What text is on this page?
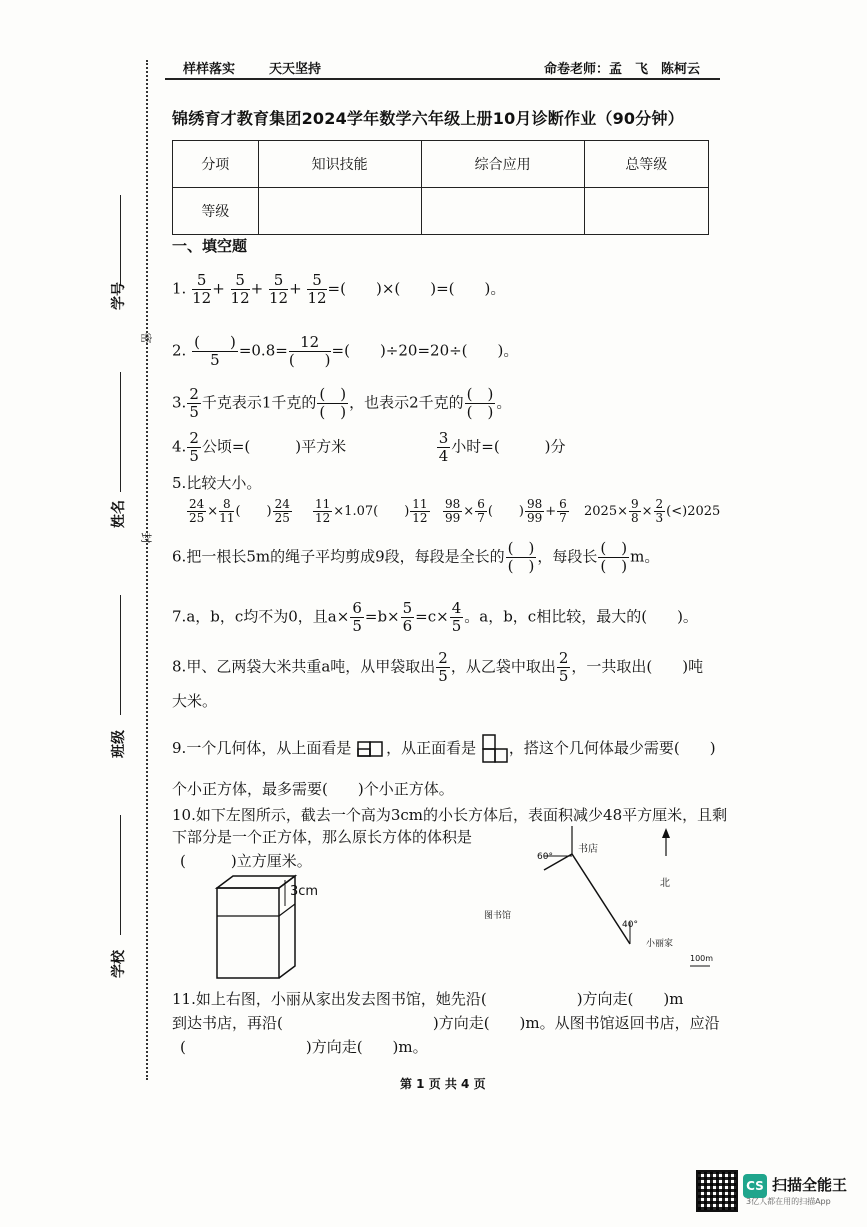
样样落实	天天坚持	命卷老师：孟　飞　陈柯云
锦绣育才教育集团2024学年数学六年级上册10月诊断作业（90分钟）
分项	知识技能	综合应用	总等级
等级			
学号
姓名
班级
学校
密
封
一、填空题
1. $\frac{5}{12} + \frac{5}{12} + \frac{5}{12} + \frac{5}{12}$ =(　　)×(　　)=(　　)。
2. $\frac{( )}{5} =0.8= \frac{12}{( )}$ =(　　)÷20=20÷(　　)。
3. $\frac{2}{5}$ 千克表示1千克的 $\frac{( )}{( )}$ ，也表示2千克的 $\frac{( )}{( )}$ 。
4. $\frac{2}{5}$ 公顷=(　　　)平方米	$\frac{3}{4}$ 小时=(　　　)分
5.比较大小。
$\frac{24}{25} \times \frac{8}{11}$ (　　) $\frac{24}{25} \frac{11}{12} \times 1.07$(　　) $\frac{11}{12} \frac{98}{99} \times \frac{6}{7}$ (　　) $\frac{98}{99} + \frac{6}{7} 2025\times \frac{9}{8} \times \frac{2}{3} (<)2025$
6.把一根长5m的绳子平均剪成9段，每段是全长的 $\frac{( )}{( )}$ ，每段长 $\frac{( )}{( )}$ m。
7.a，b，c均不为0，且$a\times \frac{6}{5} =b\times \frac{5}{6} =c\times \frac{4}{5}$ 。a，b，c相比较，最大的(　　)。
8.甲、乙两袋大米共重a吨，从甲袋取出 $\frac{2}{5}$ ，从乙袋中取出 $\frac{2}{5}$ ，一共取出(　　)吨
大米。
9.一个几何体，从上面看是 ，从正面看是 ，搭这个几何体最少需要(　　)
个小正方体，最多需要(　　)个小正方体。
10.如下左图所示，截去一个高为3cm的小长方体后，表面积减少48平方厘米，且剩
下部分是一个正方体，那么原长方体的体积是
(　　　)立方厘米。
3cm
书店
60°
北
图书馆
40°
小丽家
100m
11.如上右图，小丽从家出发去图书馆，她先沿(　　　　　　)方向走(　　)m
到达书店，再沿(　　　　　　　　　　)方向走(　　)m。从图书馆返回书店，应沿
(　　　　　　　　)方向走(　　)m。
第 1 页 共 4 页
CS 扫描全能王
3亿人都在用的扫描App
